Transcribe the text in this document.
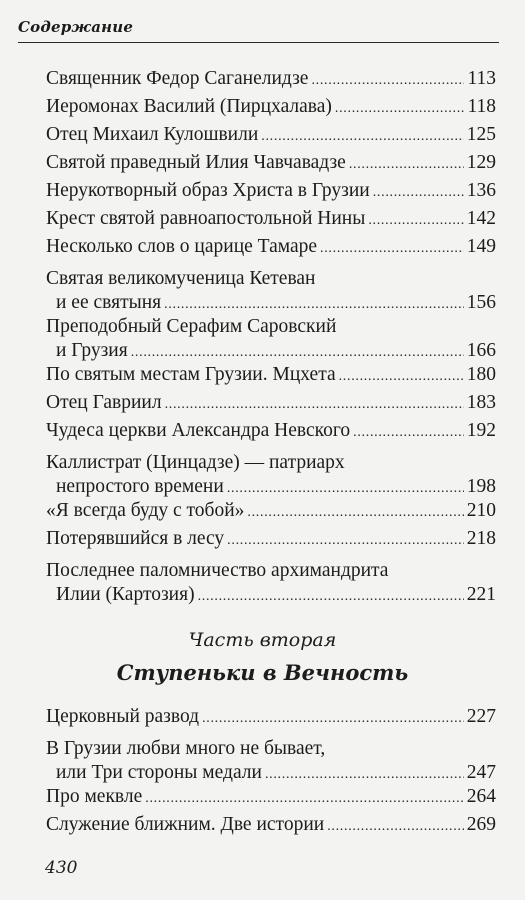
Содержание
Священник Федор Саганелидзе . . .	113
Иеромонах Василий (Пирцхалава) . . .	118
Отец Михаил Кулошвили . . .	125
Святой праведный Илия Чавчавадзе . . .	129
Нерукотворный образ Христа в Грузии . . .	136
Крест святой равноапостольной Нины . . .	142
Несколько слов о царице Тамаре . . .	149
Святая великомученица Кетеван
и ее святыня . . .	156
Преподобный Серафим Саровский
и Грузия . . .	166
По святым местам Грузии. Мцхета . . .	180
Отец Гавриил . . .	183
Чудеса церкви Александра Невского . . .	192
Каллистрат (Цинцадзе) — патриарх
непростого времени . . .	198
«Я всегда буду с тобой» . . .	210
Потерявшийся в лесу . . .	218
Последнее паломничество архимандрита
Илии (Картозия) . . .	221
Часть вторая
Ступеньки в Вечность
Церковный развод . . .	227
В Грузии любви много не бывает,
или Три стороны медали . . .	247
Про меквле . . .	264
Служение ближним. Две истории . . .	269
430
